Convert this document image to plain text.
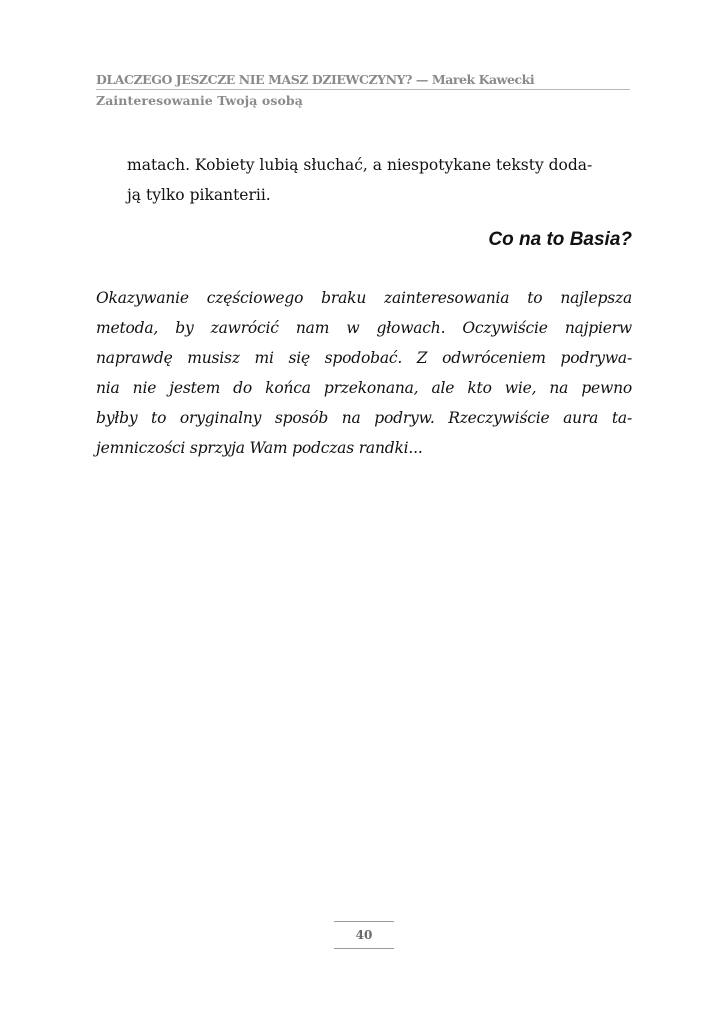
DLACZEGO JESZCZE NIE MASZ DZIEWCZYNY? — Marek Kawecki
Zainteresowanie Twoją osobą
matach. Kobiety lubią słuchać, a niespotykane teksty doda-
ją tylko pikanterii.
Co na to Basia?
Okazywanie częściowego braku zainteresowania to najlepsza
metoda, by zawrócić nam w głowach. Oczywiście najpierw
naprawdę musisz mi się spodobać. Z odwróceniem podrywa-
nia nie jestem do końca przekonana, ale kto wie, na pewno
byłby to oryginalny sposób na podryw. Rzeczywiście aura ta-
jemniczości sprzyja Wam podczas randki...
40
